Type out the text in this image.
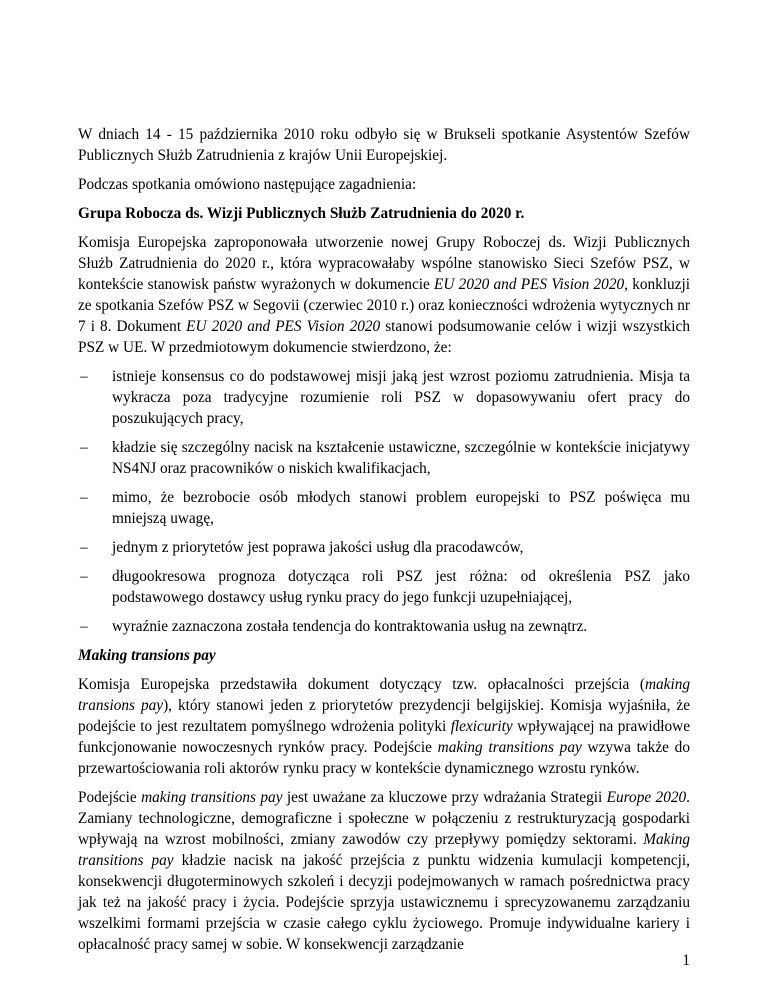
W dniach 14 - 15 października 2010 roku odbyło się w Brukseli spotkanie Asystentów Szefów Publicznych Służb Zatrudnienia z krajów Unii Europejskiej.

Podczas spotkania omówiono następujące zagadnienia:

Grupa Robocza ds. Wizji Publicznych Służb Zatrudnienia do 2020 r.

Komisja Europejska zaproponowała utworzenie nowej Grupy Roboczej ds. Wizji Publicznych Służb Zatrudnienia do 2020 r., która wypracowałaby wspólne stanowisko Sieci Szefów PSZ, w kontekście stanowisk państw wyrażonych w dokumencie EU 2020 and PES Vision 2020, konkluzji ze spotkania Szefów PSZ w Segovii (czerwiec 2010 r.) oraz konieczności wdrożenia wytycznych nr 7 i 8. Dokument EU 2020 and PES Vision 2020 stanowi podsumowanie celów i wizji wszystkich PSZ w UE. W przedmiotowym dokumencie stwierdzono, że:

– istnieje konsensus co do podstawowej misji jaką jest wzrost poziomu zatrudnienia. Misja ta wykracza poza tradycyjne rozumienie roli PSZ w dopasowywaniu ofert pracy do poszukujących pracy,
– kładzie się szczególny nacisk na kształcenie ustawiczne, szczególnie w kontekście inicjatywy NS4NJ oraz pracowników o niskich kwalifikacjach,
– mimo, że bezrobocie osób młodych stanowi problem europejski to PSZ poświęca mu mniejszą uwagę,
– jednym z priorytetów jest poprawa jakości usług dla pracodawców,
– długookresowa prognoza dotycząca roli PSZ jest różna: od określenia PSZ jako podstawowego dostawcy usług rynku pracy do jego funkcji uzupełniającej,
– wyraźnie zaznaczona została tendencja do kontraktowania usług na zewnątrz.

Making transions pay

Komisja Europejska przedstawiła dokument dotyczący tzw. opłacalności przejścia (making transions pay), który stanowi jeden z priorytetów prezydencji belgijskiej. Komisja wyjaśniła, że podejście to jest rezultatem pomyślnego wdrożenia polityki flexicurity wpływającej na prawidłowe funkcjonowanie nowoczesnych rynków pracy. Podejście making transitions pay wzywa także do przewartościowania roli aktorów rynku pracy w kontekście dynamicznego wzrostu rynków.

Podejście making transitions pay jest uważane za kluczowe przy wdrażania Strategii Europe 2020. Zamiany technologiczne, demograficzne i społeczne w połączeniu z restrukturyzacją gospodarki wpływają na wzrost mobilności, zmiany zawodów czy przepływy pomiędzy sektorami. Making transitions pay kładzie nacisk na jakość przejścia z punktu widzenia kumulacji kompetencji, konsekwencji długoterminowych szkoleń i decyzji podejmowanych w ramach pośrednictwa pracy jak też na jakość pracy i życia. Podejście sprzyja ustawicznemu i sprecyzowanemu zarządzaniu wszelkimi formami przejścia w czasie całego cyklu życiowego. Promuje indywidualne kariery i opłacalność pracy samej w sobie. W konsekwencji zarządzanie

1
